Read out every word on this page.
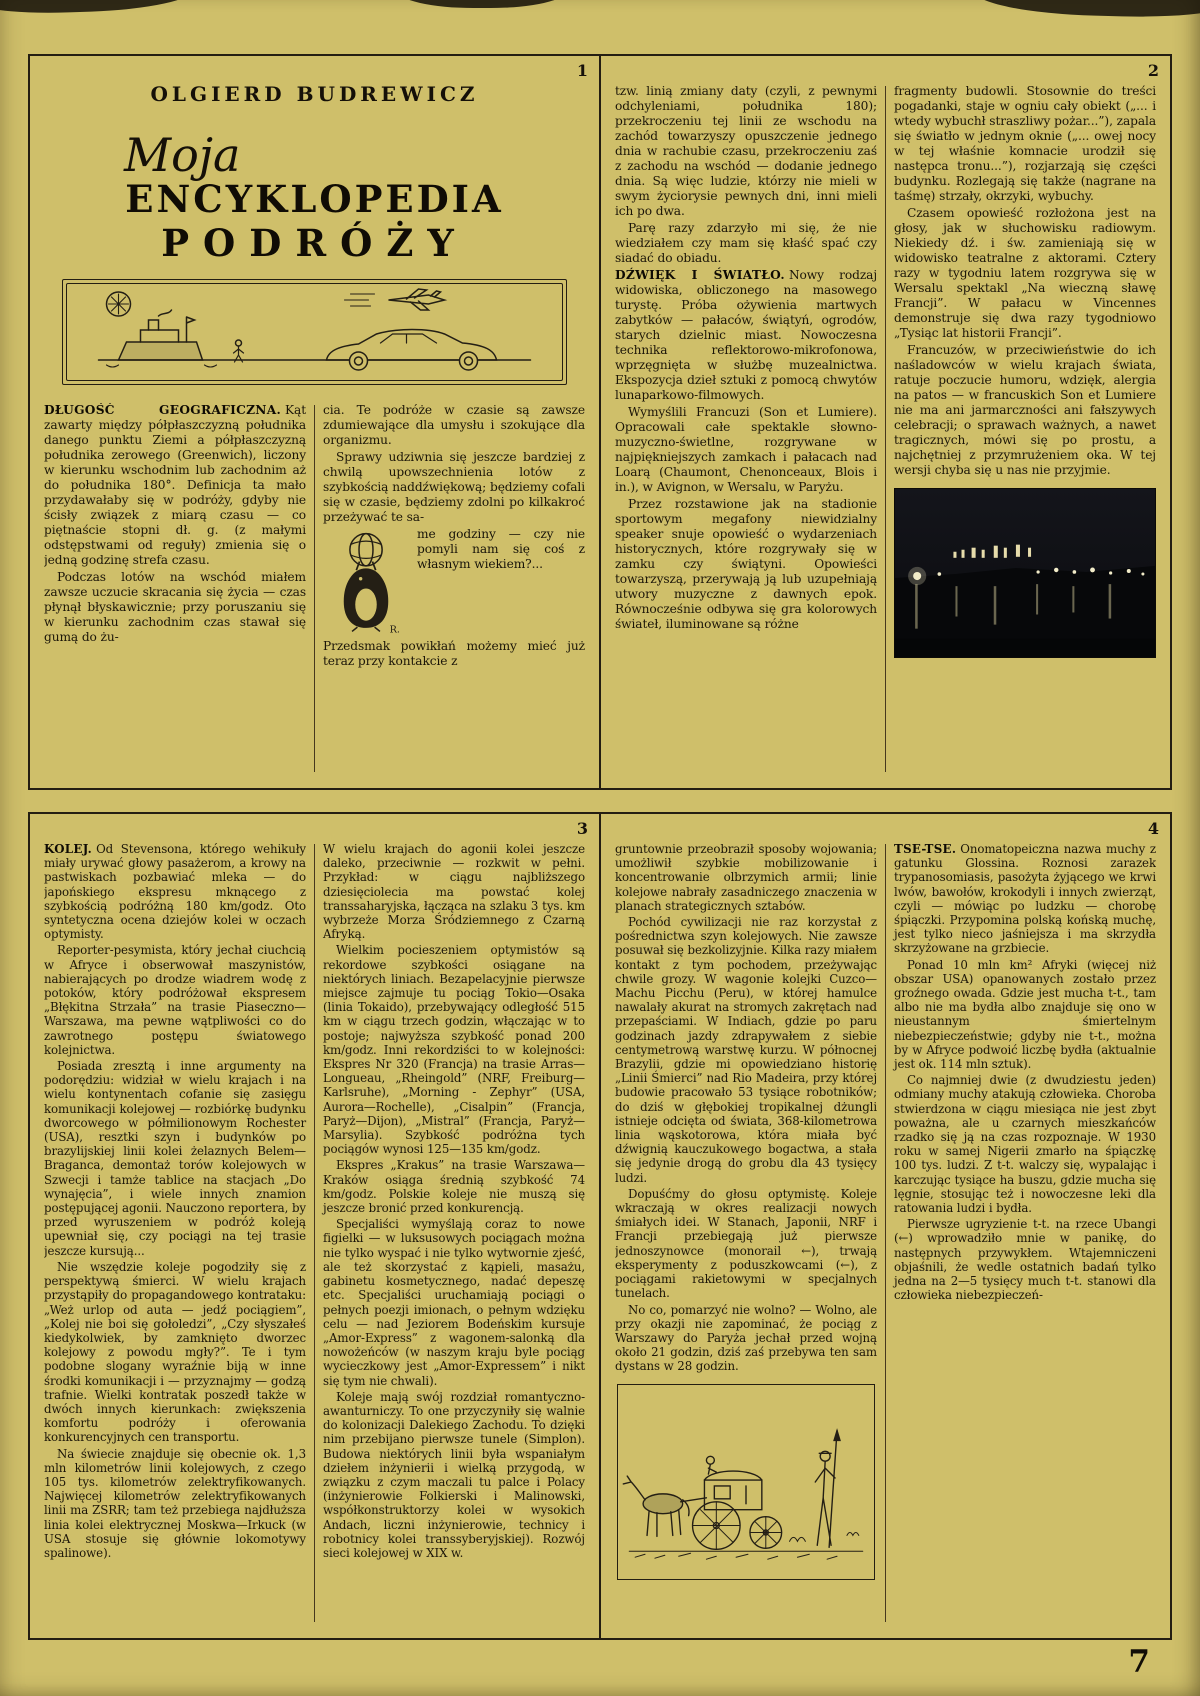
1
OLGIERD BUDREWICZ
Moja
ENCYKLOPEDIA
PODRÓŻY

DŁUGOŚĆ GEOGRAFICZNA. Kąt zawarty między półpłaszczyzną południka danego punktu Ziemi a półpłaszczyzną południka zerowego (Greenwich), liczony w kierunku wschodnim lub zachodnim aż do południka 180°. Definicja ta mało przydawałaby się w podróży, gdyby nie ścisły związek z miarą czasu — co piętnaście stopni dł. g. (z małymi odstępstwami od reguły) zmienia się o jedną godzinę strefa czasu.

Podczas lotów na wschód miałem zawsze uczucie skracania się życia — czas płynął błyskawicznie; przy poruszaniu się w kierunku zachodnim czas stawał się gumą do żu-

cia. Te podróże w czasie są zawsze zdumiewające dla umysłu i szokujące dla organizmu.

Sprawy udziwnia się jeszcze bardziej z chwilą upowszechnienia lotów z szybkością naddźwiękową; będziemy cofali się w czasie, będziemy zdolni po kilkakroć przeżywać te sa-

R.
me godziny — czy nie pomyli nam się coś z własnym wiekiem?...

Przedsmak powikłań możemy mieć już teraz przy kontakcie z

2

tzw. linią zmiany daty (czyli, z pewnymi odchyleniami, południka 180); przekroczeniu tej linii ze wschodu na zachód towarzyszy opuszczenie jednego dnia w rachubie czasu, przekroczeniu zaś z zachodu na wschód — dodanie jednego dnia. Są więc ludzie, którzy nie mieli w swym życiorysie pewnych dni, inni mieli ich po dwa.

Parę razy zdarzyło mi się, że nie wiedziałem czy mam się kłaść spać czy siadać do obiadu.

DŹWIĘK I ŚWIATŁO. Nowy rodzaj widowiska, obliczonego na masowego turystę. Próba ożywienia martwych zabytków — pałaców, świątyń, ogrodów, starych dzielnic miast. Nowoczesna technika reflektorowo-mikrofonowa, wprzęgnięta w służbę muzealnictwa. Ekspozycja dzieł sztuki z pomocą chwytów lunaparkowo-filmowych.

Wymyślili Francuzi (Son et Lumiere). Opracowali całe spektakle słowno-muzyczno-świetlne, rozgrywane w najpiękniejszych zamkach i pałacach nad Loarą (Chaumont, Chenonceaux, Blois i in.), w Avignon, w Wersalu, w Paryżu.

Przez rozstawione jak na stadionie sportowym megafony niewidzialny speaker snuje opowieść o wydarzeniach historycznych, które rozgrywały się w zamku czy świątyni. Opowieści towarzyszą, przerywają ją lub uzupełniają utwory muzyczne z dawnych epok. Równocześnie odbywa się gra kolorowych świateł, iluminowane są różne

fragmenty budowli. Stosownie do treści pogadanki, staje w ogniu cały obiekt („... i wtedy wybuchł straszliwy pożar...”), zapala się światło w jednym oknie („... owej nocy w tej właśnie komnacie urodził się następca tronu...”), rozjarzają się części budynku. Rozlegają się także (nagrane na taśmę) strzały, okrzyki, wybuchy.

Czasem opowieść rozłożona jest na głosy, jak w słuchowisku radiowym. Niekiedy dź. i św. zamieniają się w widowisko teatralne z aktorami. Cztery razy w tygodniu latem rozgrywa się w Wersalu spektakl „Na wieczną sławę Francji”. W pałacu w Vincennes demonstruje się dwa razy tygodniowo „Tysiąc lat historii Francji”.

Francuzów, w przeciwieństwie do ich naśladowców w wielu krajach świata, ratuje poczucie humoru, wdzięk, alergia na patos — w francuskich Son et Lumiere nie ma ani jarmarczności ani fałszywych celebracji; o sprawach ważnych, a nawet tragicznych, mówi się po prostu, a najchętniej z przymrużeniem oka. W tej wersji chyba się u nas nie przyjmie.

3

KOLEJ. Od Stevensona, którego wehikuły miały urywać głowy pasażerom, a krowy na pastwiskach pozbawiać mleka — do japońskiego ekspresu mknącego z szybkością podróżną 180 km/godz. Oto syntetyczna ocena dziejów kolei w oczach optymisty.

Reporter-pesymista, który jechał ciuchcią w Afryce i obserwował maszynistów, nabierających po drodze wiadrem wodę z potoków, który podróżował ekspresem „Błękitna Strzała” na trasie Piaseczno—Warszawa, ma pewne wątpliwości co do zawrotnego postępu światowego kolejnictwa.

Posiada zresztą i inne argumenty na podorędziu: widział w wielu krajach i na wielu kontynentach cofanie się zasięgu komunikacji kolejowej — rozbiórkę budynku dworcowego w półmilionowym Rochester (USA), resztki szyn i budynków po brazylijskiej linii kolei żelaznych Belem—Braganca, demontaż torów kolejowych w Szwecji i tamże tablice na stacjach „Do wynajęcia”, i wiele innych znamion postępującej agonii. Nauczono reportera, by przed wyruszeniem w podróż koleją upewniał się, czy pociągi na tej trasie jeszcze kursują...

Nie wszędzie koleje pogodziły się z perspektywą śmierci. W wielu krajach przystąpiły do propagandowego kontrataku: „Weż urlop od auta — jedź pociągiem”, „Kolej nie boi się gołoledzi”, „Czy słyszałeś kiedykolwiek, by zamknięto dworzec kolejowy z powodu mgły?”. Te i tym podobne slogany wyraźnie biją w inne środki komunikacji i — przyznajmy — godzą trafnie. Wielki kontratak poszedł także w dwóch innych kierunkach: zwiększenia komfortu podróży i oferowania konkurencyjnych cen transportu.

Na świecie znajduje się obecnie ok. 1,3 mln kilometrów linii kolejowych, z czego 105 tys. kilometrów zelektryfikowanych. Najwięcej kilometrów zelektryfikowanych linii ma ZSRR; tam też przebiega najdłuższa linia kolei elektrycznej Moskwa—Irkuck (w USA stosuje się głównie lokomotywy spalinowe).

W wielu krajach do agonii kolei jeszcze daleko, przeciwnie — rozkwit w pełni. Przykład: w ciągu najbliższego dziesięciolecia ma powstać kolej transsaharyjska, łącząca na szlaku 3 tys. km wybrzeże Morza Śródziemnego z Czarną Afryką.

Wielkim pocieszeniem optymistów są rekordowe szybkości osiągane na niektórych liniach. Bezapelacyjnie pierwsze miejsce zajmuje tu pociąg Tokio—Osaka (linia Tokaido), przebywający odległość 515 km w ciągu trzech godzin, włączając w to postoje; najwyższa szybkość ponad 200 km/godz. Inni rekordziści to w kolejności: Ekspres Nr 320 (Francja) na trasie Arras—Longueau, „Rheingold” (NRF, Freiburg—Karlsruhe), „Morning - Zephyr” (USA, Aurora—Rochelle), „Cisalpin” (Francja, Paryż—Dijon), „Mistral” (Francja, Paryż—Marsylia). Szybkość podróżna tych pociągów wynosi 125—135 km/godz.

Ekspres „Krakus” na trasie Warszawa—Kraków osiąga średnią szybkość 74 km/godz. Polskie koleje nie muszą się jeszcze bronić przed konkurencją.

Specjaliści wymyślają coraz to nowe figielki — w luksusowych pociągach można nie tylko wyspać i nie tylko wytwornie zjeść, ale też skorzystać z kąpieli, masażu, gabinetu kosmetycznego, nadać depeszę etc. Specjaliści uruchamiają pociągi o pełnych poezji imionach, o pełnym wdzięku celu — nad Jeziorem Bodeńskim kursuje „Amor-Express” z wagonem-salonką dla nowożeńców (w naszym kraju byle pociąg wycieczkowy jest „Amor-Expressem” i nikt się tym nie chwali).

Koleje mają swój rozdział romantyczno-awanturniczy. To one przyczyniły się walnie do kolonizacji Dalekiego Zachodu. To dzięki nim przebijano pierwsze tunele (Simplon). Budowa niektórych linii była wspaniałym dziełem inżynierii i wielką przygodą, w związku z czym maczali tu palce i Polacy (inżynierowie Folkierski i Malinowski, współkonstruktorzy kolei w wysokich Andach, liczni inżynierowie, technicy i robotnicy kolei transsyberyjskiej). Rozwój sieci kolejowej w XIX w.

4

gruntownie przeobraził sposoby wojowania; umożliwił szybkie mobilizowanie i koncentrowanie olbrzymich armii; linie kolejowe nabrały zasadniczego znaczenia w planach strategicznych sztabów.

Pochód cywilizacji nie raz korzystał z pośrednictwa szyn kolejowych. Nie zawsze posuwał się bezkolizyjnie. Kilka razy miałem kontakt z tym pochodem, przeżywając chwile grozy. W wagonie kolejki Cuzco—Machu Picchu (Peru), w której hamulce nawalały akurat na stromych zakrętach nad przepaściami. W Indiach, gdzie po paru godzinach jazdy zdrapywałem z siebie centymetrową warstwę kurzu. W północnej Brazylii, gdzie mi opowiedziano historię „Linii Śmierci” nad Rio Madeira, przy której budowie pracowało 53 tysiące robotników; do dziś w głębokiej tropikalnej dżungli istnieje odcięta od świata, 368-kilometrowa linia wąskotorowa, która miała być dźwignią kauczukowego bogactwa, a stała się jedynie drogą do grobu dla 43 tysięcy ludzi.

Dopuśćmy do głosu optymistę. Koleje wkraczają w okres realizacji nowych śmiałych idei. W Stanach, Japonii, NRF i Francji przebiegają już pierwsze jednoszynowce (monorail ←), trwają eksperymenty z poduszkowcami (←), z pociągami rakietowymi w specjalnych tunelach.

No co, pomarzyć nie wolno? — Wolno, ale przy okazji nie zapominać, że pociąg z Warszawy do Paryża jechał przed wojną około 21 godzin, dziś zaś przebywa ten sam dystans w 28 godzin.

TSE-TSE. Onomatopeiczna nazwa muchy z gatunku Glossina. Roznosi zarazek trypanosomiasis, pasożyta żyjącego we krwi lwów, bawołów, krokodyli i innych zwierząt, czyli — mówiąc po ludzku — chorobę śpiączki. Przypomina polską końską muchę, jest tylko nieco jaśniejsza i ma skrzydła skrzyżowane na grzbiecie.

Ponad 10 mln km² Afryki (więcej niż obszar USA) opanowanych zostało przez groźnego owada. Gdzie jest mucha t-t., tam albo nie ma bydła albo znajduje się ono w nieustannym śmiertelnym niebezpieczeństwie; gdyby nie t-t., można by w Afryce podwoić liczbę bydła (aktualnie jest ok. 114 mln sztuk).

Co najmniej dwie (z dwudziestu jeden) odmiany muchy atakują człowieka. Choroba stwierdzona w ciągu miesiąca nie jest zbyt poważna, ale u czarnych mieszkańców rzadko się ją na czas rozpoznaje. W 1930 roku w samej Nigerii zmarło na śpiączkę 100 tys. ludzi. Z t-t. walczy się, wypalając i karczując tysiące ha buszu, gdzie mucha się lęgnie, stosując też i nowoczesne leki dla ratowania ludzi i bydła.

Pierwsze ugryzienie t-t. na rzece Ubangi (←) wprowadziło mnie w panikę, do następnych przywykłem. Wtajemniczeni objaśnili, że wedle ostatnich badań tylko jedna na 2—5 tysięcy much t-t. stanowi dla człowieka niebezpieczeń-

7
